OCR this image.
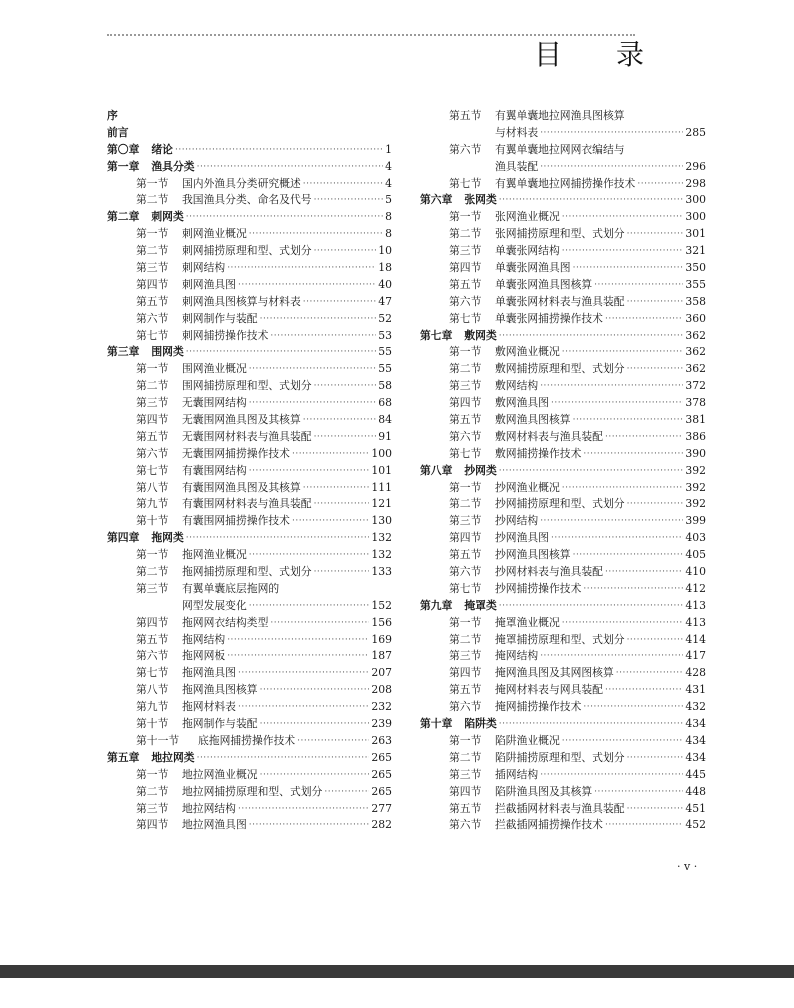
目 录
序
前言
第〇章 绪论 ·····	1
第一章 渔具分类 ·····	4
第一节	国内外渔具分类研究概述 ·····	4
第二节	我国渔具分类、命名及代号 ·····	5
第二章 刺网类 ·····	8
第一节	刺网渔业概况 ·····	8
第二节	刺网捕捞原理和型、式划分 ·····	10
第三节	刺网结构 ·····	18
第四节	刺网渔具图 ·····	40
第五节	刺网渔具图核算与材料表 ·····	47
第六节	刺网制作与装配 ·····	52
第七节	刺网捕捞操作技术 ·····	53
第三章 围网类 ·····	55
第一节	围网渔业概况 ·····	55
第二节	围网捕捞原理和型、式划分 ·····	58
第三节	无囊围网结构 ·····	68
第四节	无囊围网渔具图及其核算 ·····	84
第五节	无囊围网材料表与渔具装配 ·····	91
第六节	无囊围网捕捞操作技术 ·····	100
第七节	有囊围网结构 ·····	101
第八节	有囊围网渔具图及其核算 ·····	111
第九节	有囊围网材料表与渔具装配 ·····	121
第十节	有囊围网捕捞操作技术 ·····	130
第四章 拖网类 ·····	132
第一节	拖网渔业概况 ·····	132
第二节	拖网捕捞原理和型、式划分 ·····	133
第三节	有翼单囊底层拖网的
网型发展变化 ·····	152
第四节	拖网网衣结构类型 ·····	156
第五节	拖网结构 ·····	169
第六节	拖网网板 ·····	187
第七节	拖网渔具图 ·····	207
第八节	拖网渔具图核算 ·····	208
第九节	拖网材料表 ·····	232
第十节	拖网制作与装配 ·····	239
第十一节	底拖网捕捞操作技术 ·····	263
第五章 地拉网类 ·····	265
第一节	地拉网渔业概况 ·····	265
第二节	地拉网捕捞原理和型、式划分 ·····	265
第三节	地拉网结构 ·····	277
第四节	地拉网渔具图 ·····	282
第五节	有翼单囊地拉网渔具图核算
与材料表 ·····	285
第六节	有翼单囊地拉网网衣编结与
渔具装配 ·····	296
第七节	有翼单囊地拉网捕捞操作技术 ·····	298
第六章 张网类 ·····	300
第一节	张网渔业概况 ·····	300
第二节	张网捕捞原理和型、式划分 ·····	301
第三节	单囊张网结构 ·····	321
第四节	单囊张网渔具图 ·····	350
第五节	单囊张网渔具图核算 ·····	355
第六节	单囊张网材料表与渔具装配 ·····	358
第七节	单囊张网捕捞操作技术 ·····	360
第七章 敷网类 ·····	362
第一节	敷网渔业概况 ·····	362
第二节	敷网捕捞原理和型、式划分 ·····	362
第三节	敷网结构 ·····	372
第四节	敷网渔具图 ·····	378
第五节	敷网渔具图核算 ·····	381
第六节	敷网材料表与渔具装配 ·····	386
第七节	敷网捕捞操作技术 ·····	390
第八章 抄网类 ·····	392
第一节	抄网渔业概况 ·····	392
第二节	抄网捕捞原理和型、式划分 ·····	392
第三节	抄网结构 ·····	399
第四节	抄网渔具图 ·····	403
第五节	抄网渔具图核算 ·····	405
第六节	抄网材料表与渔具装配 ·····	410
第七节	抄网捕捞操作技术 ·····	412
第九章 掩罩类 ·····	413
第一节	掩罩渔业概况 ·····	413
第二节	掩罩捕捞原理和型、式划分 ·····	414
第三节	掩网结构 ·····	417
第四节	掩网渔具图及其网图核算 ·····	428
第五节	掩网材料表与网具装配 ·····	431
第六节	掩网捕捞操作技术 ·····	432
第十章 陷阱类 ·····	434
第一节	陷阱渔业概况 ·····	434
第二节	陷阱捕捞原理和型、式划分 ·····	434
第三节	插网结构 ·····	445
第四节	陷阱渔具图及其核算 ·····	448
第五节	拦截插网材料表与渔具装配 ·····	451
第六节	拦截插网捕捞操作技术 ·····	452
· v ·
